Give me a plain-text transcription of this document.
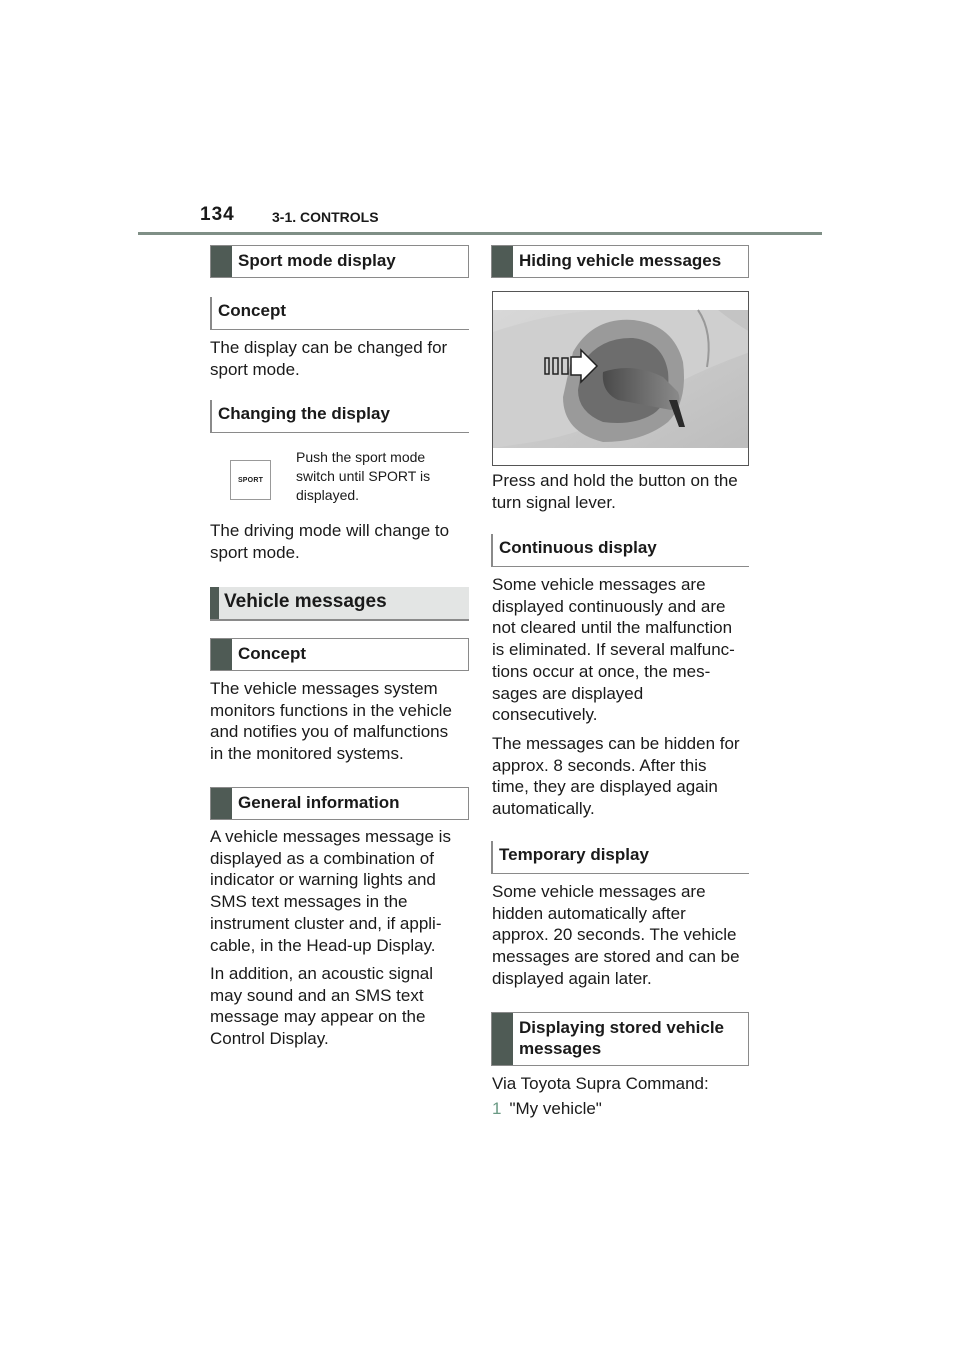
134	3-1. CONTROLS
Sport mode display
Concept
The display can be changed for sport mode.
Changing the display
SPORT
Push the sport mode switch until SPORT is displayed.
The driving mode will change to sport mode.
Vehicle messages
Concept
The vehicle messages system monitors functions in the vehicle and notifies you of malfunctions in the monitored systems.
General information
A vehicle messages message is displayed as a combination of indicator or warning lights and SMS text messages in the instrument cluster and, if appli-cable, in the Head-up Display.
In addition, an acoustic signal may sound and an SMS text message may appear on the Control Display.
Hiding vehicle messages
Press and hold the button on the turn signal lever.
Continuous display
Some vehicle messages are displayed continuously and are not cleared until the malfunction is eliminated. If several malfunc-tions occur at once, the mes-sages are displayed consecutively.
The messages can be hidden for approx. 8 seconds. After this time, they are displayed again automatically.
Temporary display
Some vehicle messages are hidden automatically after approx. 20 seconds. The vehicle messages are stored and can be displayed again later.
Displaying stored vehicle messages
Via Toyota Supra Command:
1 "My vehicle"
